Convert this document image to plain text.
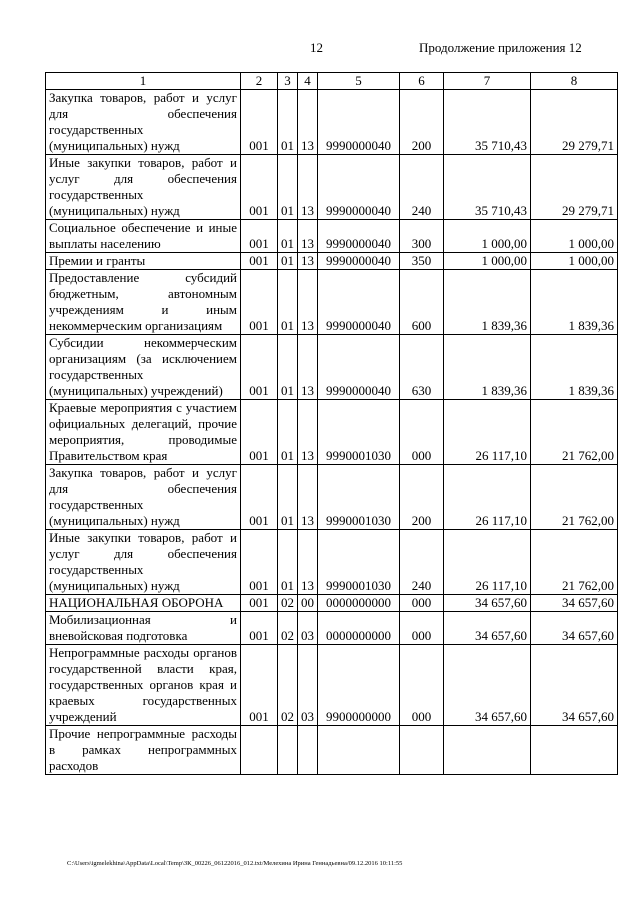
12	Продолжение приложения 12
1	2	3	4	5	6	7	8
Закупка товаров, работ и услуг для обеспечения государственных (муниципальных) нужд	001	01	13	9990000040	200	35 710,43	29 279,71
Иные закупки товаров, работ и услуг для обеспечения государственных (муниципальных) нужд	001	01	13	9990000040	240	35 710,43	29 279,71
Социальное обеспечение и иные выплаты населению	001	01	13	9990000040	300	1 000,00	1 000,00
Премии и гранты	001	01	13	9990000040	350	1 000,00	1 000,00
Предоставление субсидий бюджетным, автономным учреждениям и иным некоммерческим организациям	001	01	13	9990000040	600	1 839,36	1 839,36
Субсидии некоммерческим организациям (за исключением государственных (муниципальных) учреждений)	001	01	13	9990000040	630	1 839,36	1 839,36
Краевые мероприятия с участием официальных делегаций, прочие мероприятия, проводимые Правительством края	001	01	13	9990001030	000	26 117,10	21 762,00
Закупка товаров, работ и услуг для обеспечения государственных (муниципальных) нужд	001	01	13	9990001030	200	26 117,10	21 762,00
Иные закупки товаров, работ и услуг для обеспечения государственных (муниципальных) нужд	001	01	13	9990001030	240	26 117,10	21 762,00
НАЦИОНАЛЬНАЯ ОБОРОНА	001	02	00	0000000000	000	34 657,60	34 657,60
Мобилизационная и вневойсковая подготовка	001	02	03	0000000000	000	34 657,60	34 657,60
Непрограммные расходы органов государственной власти края, государственных органов края и краевых государственных учреждений	001	02	03	9900000000	000	34 657,60	34 657,60
Прочие непрограммные расходы в рамках непрограммных расходов							
C:\Users\igmelekhina\AppData\Local\Temp\ЗК_00226_06122016_012.txt/Мелехина Ирина Геннадьевна/09.12.2016 10:11:55
